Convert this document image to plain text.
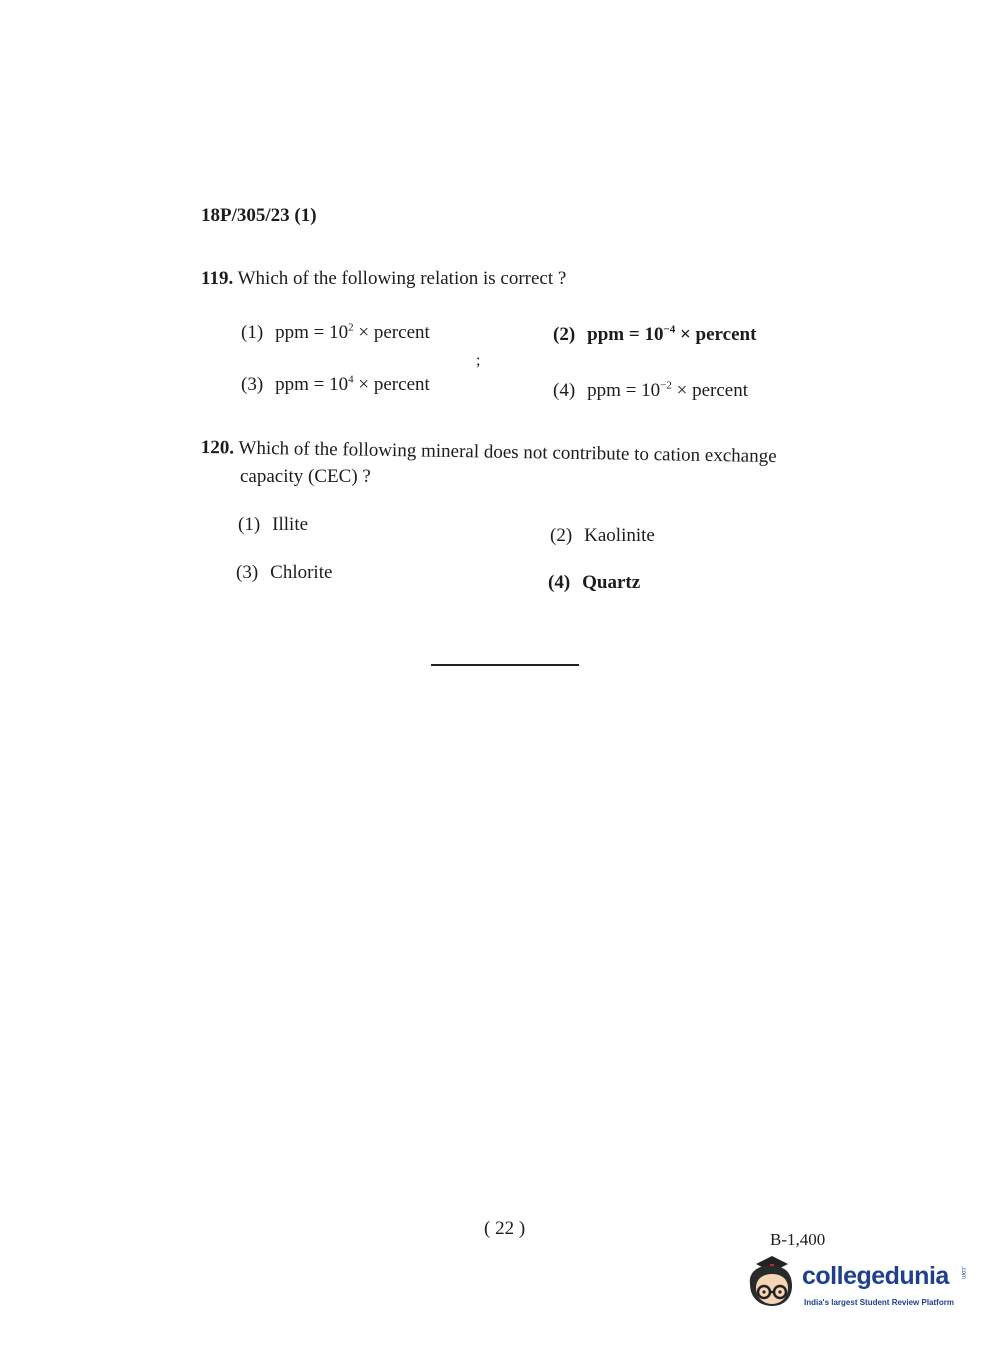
18P/305/23 (1)
119. Which of the following relation is correct ?
(1) ppm = $10^2$ × percent	(2) ppm = $10^{-4}$ × percent
(3) ppm = $10^4$ × percent	(4) ppm = $10^{-2}$ × percent
;
120. Which of the following mineral does not contribute to cation exchange
capacity (CEC) ?
(1) Illite
(2) Kaolinite
(3) Chlorite	(4) Quartz
( 22 )
B-1,400
collegedunia .com
India's largest Student Review Platform
